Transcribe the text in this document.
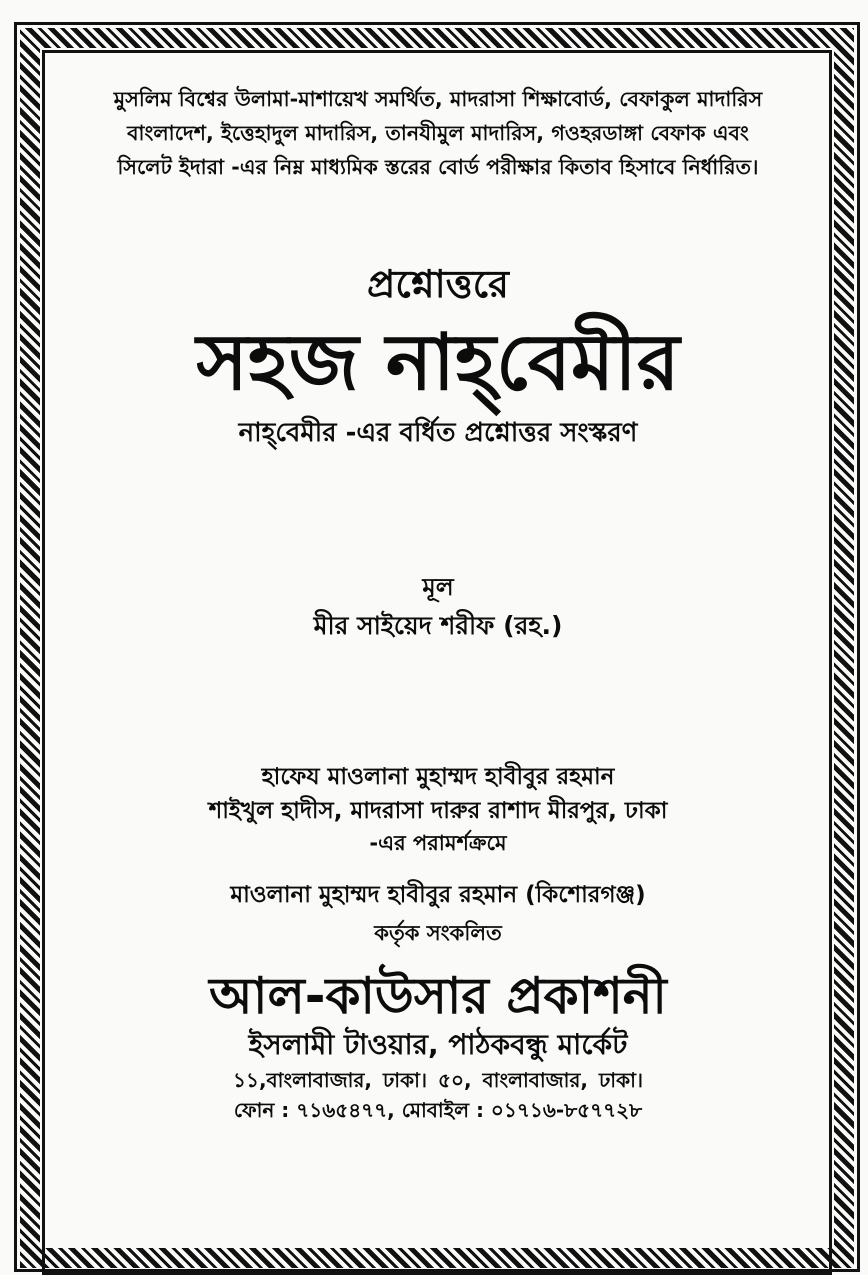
মুসলিম বিশ্বের উলামা-মাশায়েখ সমর্থিত, মাদরাসা শিক্ষাবোর্ড, বেফাকুল মাদারিস
বাংলাদেশ, ইত্তেহাদুল মাদারিস, তানযীমুল মাদারিস, গওহরডাঙ্গা বেফাক এবং
সিলেট ইদারা -এর নিম্ন মাধ্যমিক স্তরের বোর্ড পরীক্ষার কিতাব হিসাবে নির্ধারিত।
প্রশ্নোত্তরে
সহজ নাহ্‌বেমীর
নাহ্‌বেমীর -এর বর্ধিত প্রশ্নোত্তর সংস্করণ
মূল
মীর সাইয়েদ শরীফ (রহ.)
হাফেয মাওলানা মুহাম্মদ হাবীবুর রহমান
শাইখুল হাদীস, মাদরাসা দারুর রাশাদ মীরপুর, ঢাকা
-এর পরামর্শক্রমে
মাওলানা মুহাম্মদ হাবীবুর রহমান (কিশোরগঞ্জ)
কর্তৃক সংকলিত
আল-কাউসার প্রকাশনী
ইসলামী টাওয়ার, পাঠকবন্ধু মার্কেট
১১,বাংলাবাজার, ঢাকা। ৫০, বাংলাবাজার, ঢাকা।
ফোন : ৭১৬৫৪৭৭, মোবাইল : ০১৭১৬-৮৫৭৭২৮
